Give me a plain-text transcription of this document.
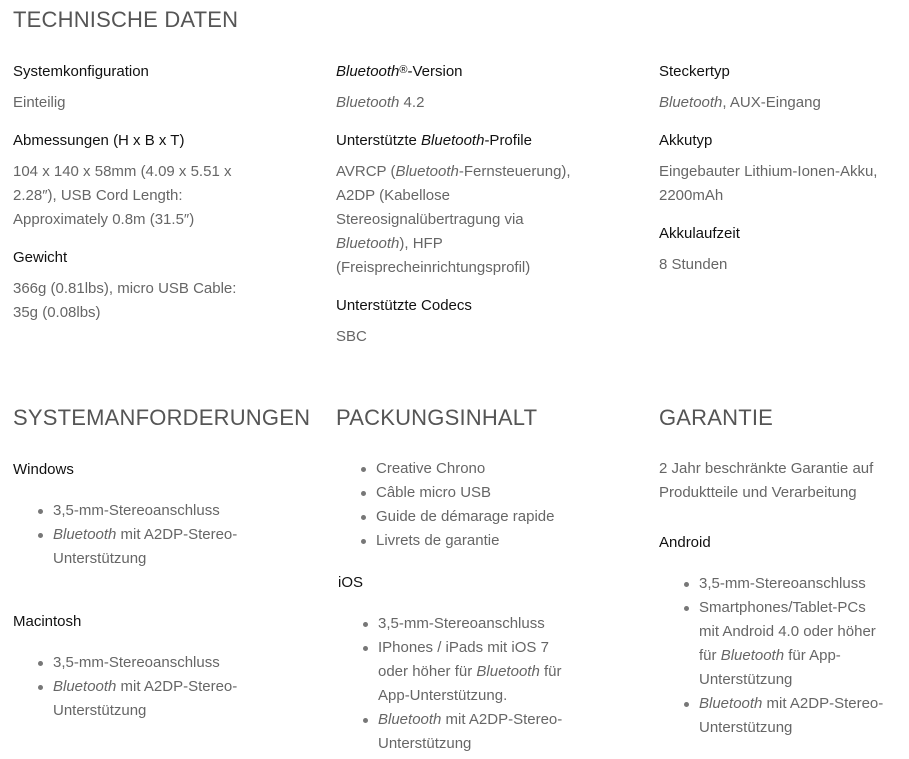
TECHNISCHE DATEN
Systemkonfiguration
Einteilig
Abmessungen (H x B x T)
104 x 140 x 58mm (4.09 x 5.51 x
2.28″), USB Cord Length:
Approximately 0.8m (31.5″)
Gewicht
366g (0.81lbs), micro USB Cable:
35g (0.08lbs)
Bluetooth®-Version
Bluetooth 4.2
Unterstützte Bluetooth-Profile
AVRCP (Bluetooth-Fernsteuerung),
A2DP (Kabellose
Stereosignalübertragung via
Bluetooth), HFP
(Freisprecheinrichtungsprofil)
Unterstützte Codecs
SBC
Steckertyp
Bluetooth, AUX-Eingang
Akkutyp
Eingebauter Lithium-Ionen-Akku,
2200mAh
Akkulaufzeit
8 Stunden
SYSTEMANFORDERUNGEN
Windows
3,5-mm-Stereoanschluss
Bluetooth mit A2DP-Stereo-
Unterstützung
Macintosh
3,5-mm-Stereoanschluss
Bluetooth mit A2DP-Stereo-
Unterstützung
PACKUNGSINHALT
Creative Chrono
Câble micro USB
Guide de démarage rapide
Livrets de garantie
iOS
3,5-mm-Stereoanschluss
IPhones / iPads mit iOS 7
oder höher für Bluetooth für
App-Unterstützung.
Bluetooth mit A2DP-Stereo-
Unterstützung
GARANTIE
2 Jahr beschränkte Garantie auf
Produktteile und Verarbeitung
Android
3,5-mm-Stereoanschluss
Smartphones/Tablet-PCs
mit Android 4.0 oder höher
für Bluetooth für App-
Unterstützung
Bluetooth mit A2DP-Stereo-
Unterstützung
